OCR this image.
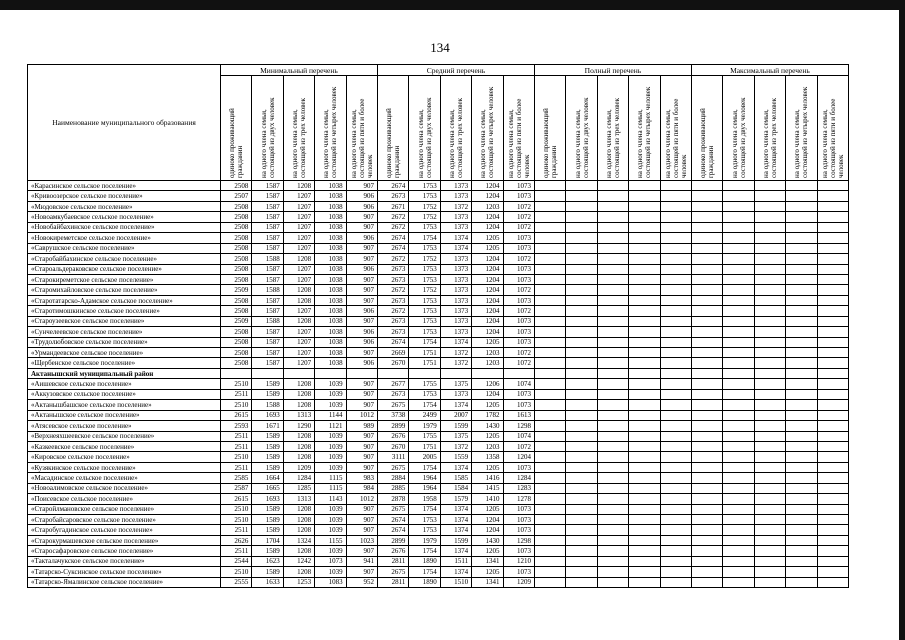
134
Наименование муниципального образования	Минимальный перечень					Средний перечень					Полный перечень					Максимальный перечень				
	одиноко проживающий гражданин	на одного члена семьи, состоящей из двух человек	на одного члена семьи, состоящей из трех человек	на одного члена семьи, состоящей из четырех человек	на одного члена семьи, состоящей из пяти и более человек	одиноко проживающий гражданин	на одного члена семьи, состоящей из двух человек	на одного члена семьи, состоящей из трех человек	на одного члена семьи, состоящей из четырех человек	на одного члена семьи, состоящей из пяти и более человек	одиноко проживающий гражданин	на одного члена семьи, состоящей из двух человек	на одного члена семьи, состоящей из трех человек	на одного члена семьи, состоящей из четырех человек	на одного члена семьи, состоящей из пяти и более человек	одиноко проживающий гражданин	на одного члена семьи, состоящей из двух человек	на одного члена семьи, состоящей из трех человек	на одного члена семьи, состоящей из четырех человек	на одного члена семьи, состоящей из пяти и более человек
«Карасинское сельское поселение»	2508	1587	1208	1038	907	2674	1753	1373	1204	1073										
«Кривоозерское сельское поселение»	2507	1587	1207	1038	906	2673	1753	1373	1204	1073										
«Мюдовское сельское поселение»	2508	1587	1207	1038	906	2671	1752	1372	1203	1072										
«Новоамкубаевское сельское поселение»	2508	1587	1207	1038	907	2672	1752	1373	1204	1072										
«Новобайбахинское сельское поселение»	2508	1587	1207	1038	907	2672	1753	1373	1204	1072										
«Новокиреметское сельское поселение»	2508	1587	1207	1038	906	2674	1754	1374	1205	1073										
«Саврушское сельское поселение»	2508	1587	1207	1038	907	2674	1753	1374	1205	1073										
«Старобайбахинское сельское поселение»	2508	1588	1208	1038	907	2672	1752	1373	1204	1072										
«Староальдераковское сельское поселение»	2508	1587	1207	1038	906	2673	1753	1373	1204	1073										
«Старокиреметское сельское поселение»	2508	1587	1207	1038	907	2673	1753	1373	1204	1073										
«Старомихайловское сельское поселение»	2509	1588	1208	1038	907	2672	1752	1373	1204	1072										
«Старотатарско-Адамское сельское поселение»	2508	1587	1208	1038	907	2673	1753	1373	1204	1073										
«Старотимошкинское сельское поселение»	2508	1587	1207	1038	906	2672	1753	1373	1204	1072										
«Староузеевское сельское поселение»	2509	1588	1208	1038	907	2673	1753	1373	1204	1073										
«Сунчелеевское сельское поселение»	2508	1587	1207	1038	906	2673	1753	1373	1204	1073										
«Трудолюбовское сельское поселение»	2508	1587	1207	1038	906	2674	1754	1374	1205	1073										
«Урмандеевское сельское поселение»	2508	1587	1207	1038	907	2669	1751	1372	1203	1072										
«Щербенское сельское поселение»	2508	1587	1207	1038	906	2670	1751	1372	1203	1072										
Актанышский муниципальный район																				
«Аишевское сельское поселение»	2510	1589	1208	1039	907	2677	1755	1375	1206	1074										
«Аккузовское сельское поселение»	2511	1589	1208	1039	907	2673	1753	1373	1204	1073										
«Актанышбашское сельское поселение»	2510	1588	1208	1039	907	2675	1754	1374	1205	1073										
«Актанышское сельское поселение»	2615	1693	1313	1144	1012	3738	2499	2007	1782	1613										
«Атясевское сельское поселение»	2593	1671	1290	1121	989	2899	1979	1599	1430	1298										
«Верхнеяхшеевское сельское поселение»	2511	1589	1208	1039	907	2676	1755	1375	1205	1074										
«Казкеевское сельское поселение»	2511	1589	1208	1039	907	2670	1751	1372	1203	1072										
«Кировское сельское поселение»	2510	1589	1208	1039	907	3111	2005	1559	1358	1204										
«Кузякинское сельское поселение»	2511	1589	1209	1039	907	2675	1754	1374	1205	1073										
«Масадинское сельское поселение»	2585	1664	1284	1115	983	2884	1964	1585	1416	1284										
«Новоалимовское сельское поселение»	2587	1665	1285	1115	984	2885	1964	1584	1415	1283										
«Поисевское сельское поселение»	2615	1693	1313	1143	1012	2878	1958	1579	1410	1278										
«Старойлмановское сельское поселение»	2510	1589	1208	1039	907	2675	1754	1374	1205	1073										
«Старобайсаровское сельское поселение»	2510	1589	1208	1039	907	2674	1753	1374	1204	1073										
«Старобугадинское сельское поселение»	2511	1589	1208	1039	907	2674	1753	1374	1204	1073										
«Старокурмашевское сельское поселение»	2626	1704	1324	1155	1023	2899	1979	1599	1430	1298										
«Старосафаровское сельское поселение»	2511	1589	1208	1039	907	2676	1754	1374	1205	1073										
«Такталачукское сельское поселение»	2544	1623	1242	1073	941	2811	1890	1511	1341	1210										
«Татарско-Суксинское сельское поселение»	2510	1589	1208	1039	907	2675	1754	1374	1205	1073										
«Татарско-Ямалинское сельское поселение»	2555	1633	1253	1083	952	2811	1890	1510	1341	1209										
